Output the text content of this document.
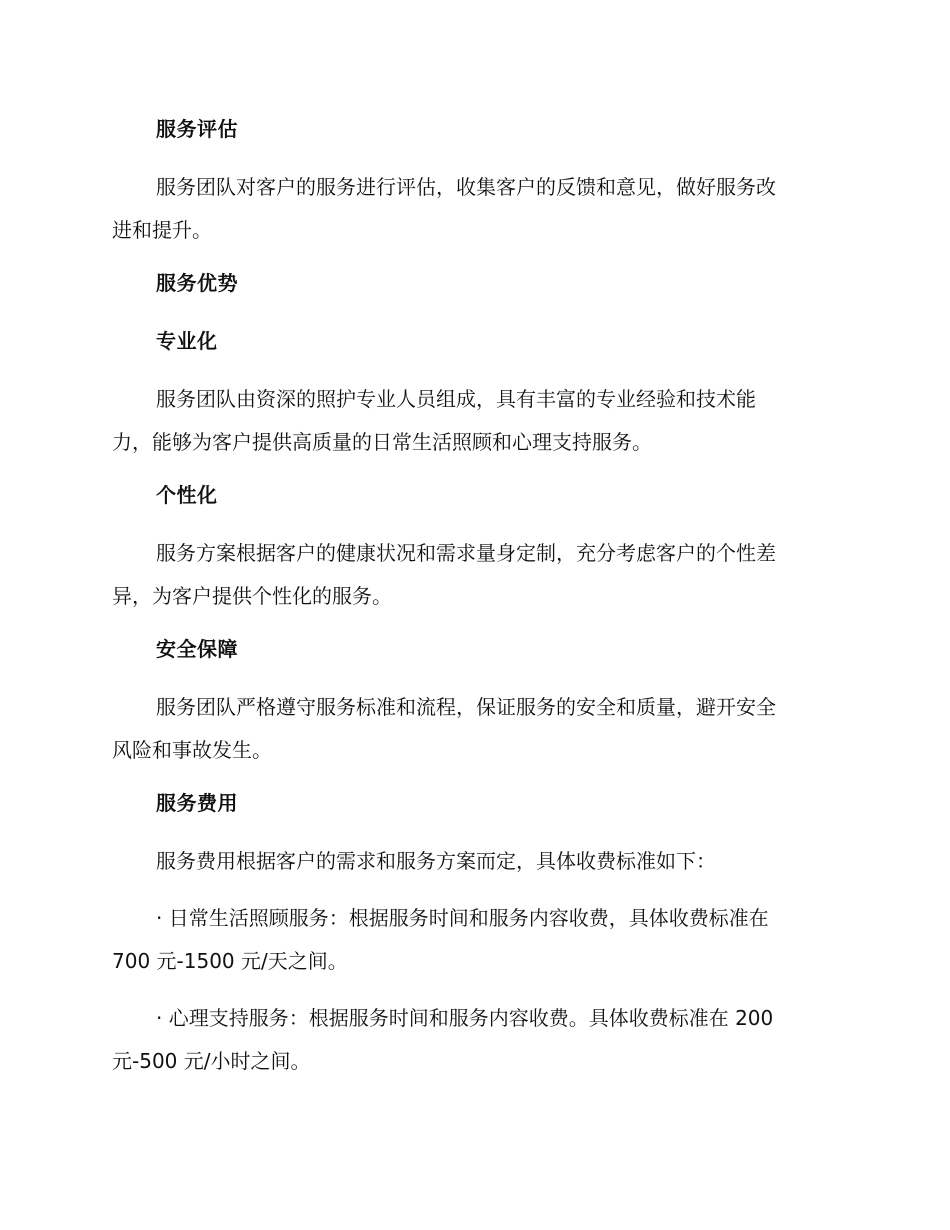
服务评估
服务团队对客户的服务进行评估，收集客户的反馈和意见，做好服务改
进和提升。
服务优势
专业化
服务团队由资深的照护专业人员组成，具有丰富的专业经验和技术能
力，能够为客户提供高质量的日常生活照顾和心理支持服务。
个性化
服务方案根据客户的健康状况和需求量身定制，充分考虑客户的个性差
异，为客户提供个性化的服务。
安全保障
服务团队严格遵守服务标准和流程，保证服务的安全和质量，避开安全
风险和事故发生。
服务费用
服务费用根据客户的需求和服务方案而定，具体收费标准如下：
· 日常生活照顾服务：根据服务时间和服务内容收费，具体收费标准在
700 元-1500 元/天之间。
· 心理支持服务：根据服务时间和服务内容收费。具体收费标准在 200
元-500 元/小时之间。
